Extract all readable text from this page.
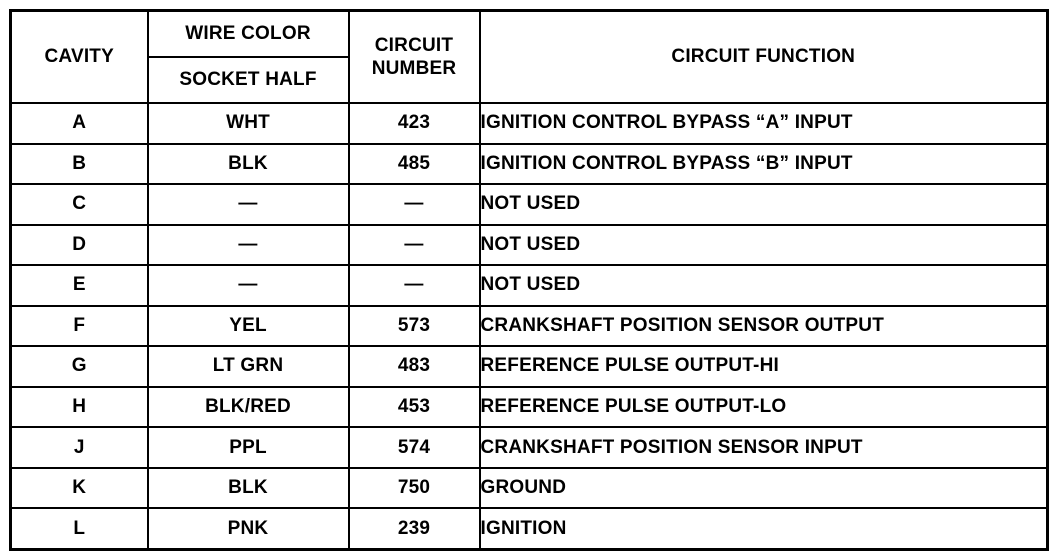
CAVITY	WIRE COLOR	CIRCUIT NUMBER	CIRCUIT FUNCTION
	SOCKET HALF		
A	WHT	423	IGNITION CONTROL BYPASS “A” INPUT
B	BLK	485	IGNITION CONTROL BYPASS “B” INPUT
C	—	—	NOT USED
D	—	—	NOT USED
E	—	—	NOT USED
F	YEL	573	CRANKSHAFT POSITION SENSOR OUTPUT
G	LT GRN	483	REFERENCE PULSE OUTPUT-HI
H	BLK/RED	453	REFERENCE PULSE OUTPUT-LO
J	PPL	574	CRANKSHAFT POSITION SENSOR INPUT
K	BLK	750	GROUND
L	PNK	239	IGNITION
